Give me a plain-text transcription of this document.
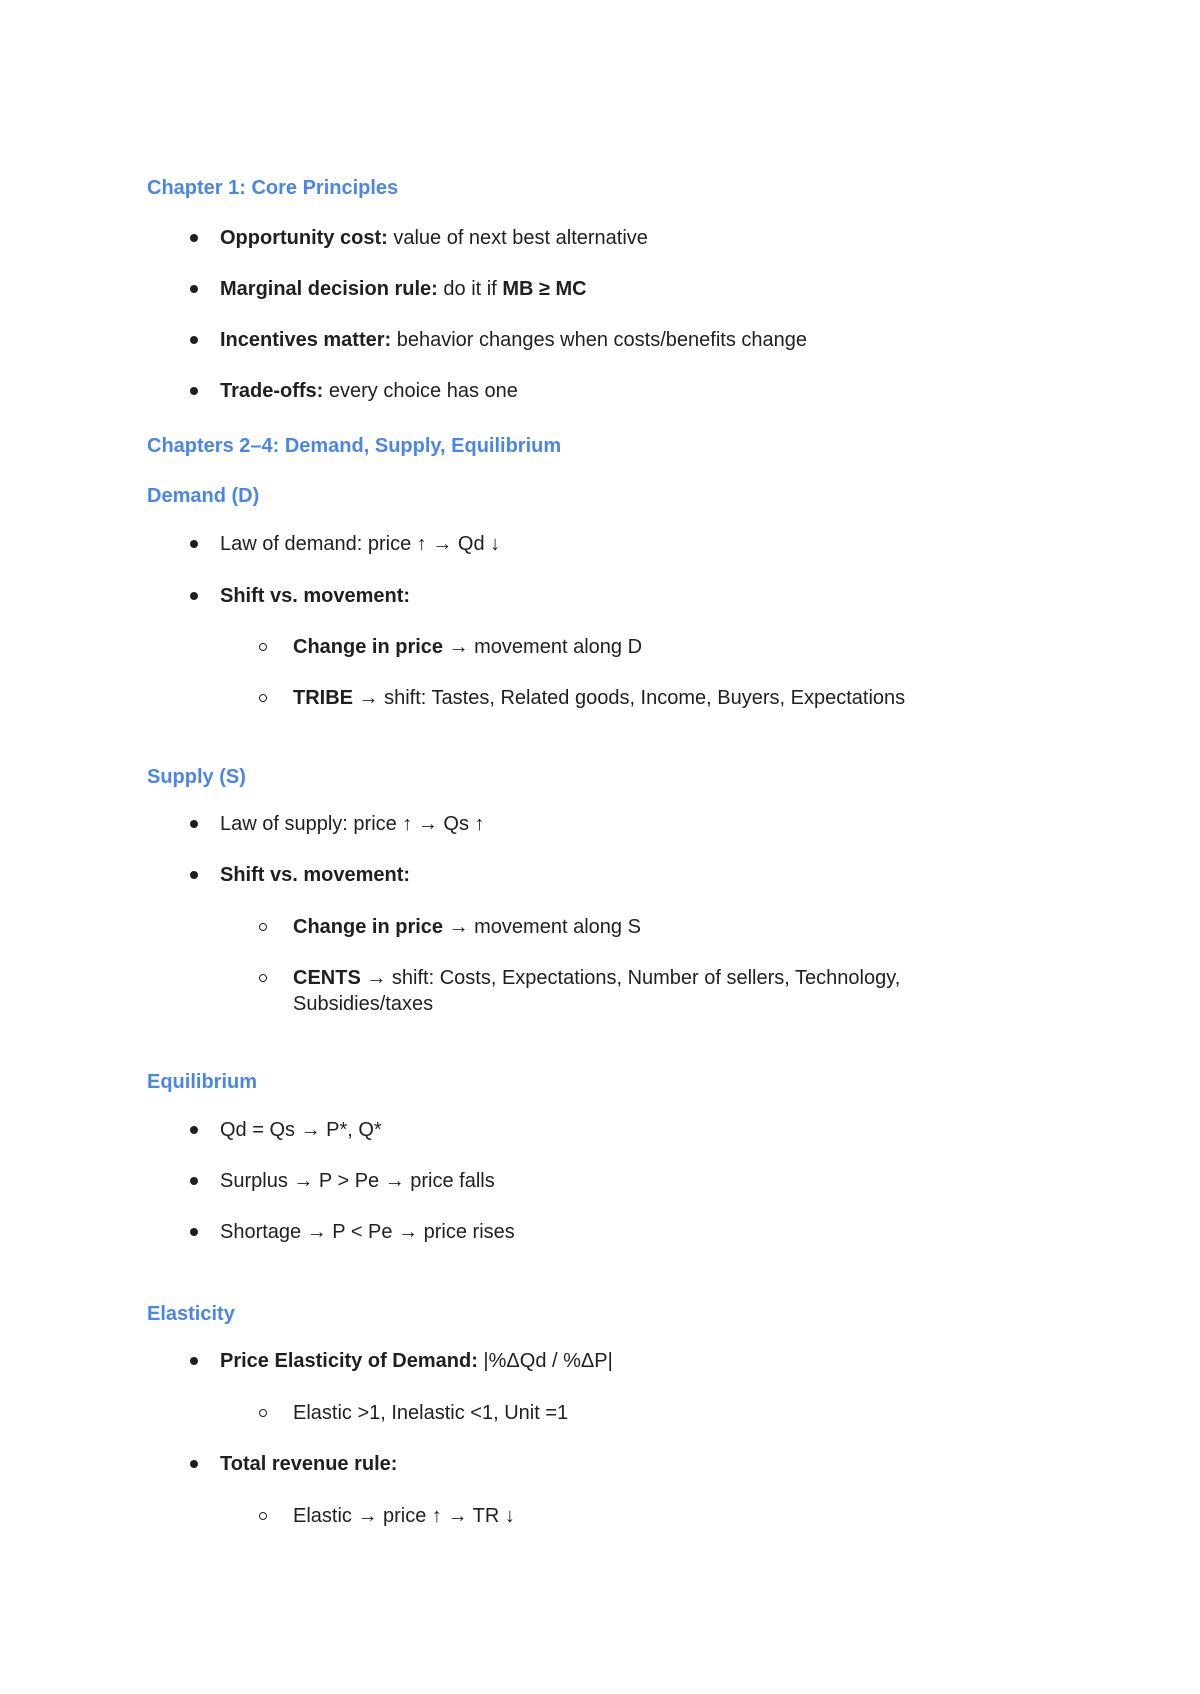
Chapter 1: Core Principles
Opportunity cost: value of next best alternative
Marginal decision rule: do it if MB ≥ MC
Incentives matter: behavior changes when costs/benefits change
Trade-offs: every choice has one
Chapters 2–4: Demand, Supply, Equilibrium
Demand (D)
Law of demand: price ↑ → Qd ↓
Shift vs. movement:
Change in price → movement along D
TRIBE → shift: Tastes, Related goods, Income, Buyers, Expectations
Supply (S)
Law of supply: price ↑ → Qs ↑
Shift vs. movement:
Change in price → movement along S
CENTS → shift: Costs, Expectations, Number of sellers, Technology, Subsidies/taxes
Equilibrium
Qd = Qs → P*, Q*
Surplus → P > Pe → price falls
Shortage → P < Pe → price rises
Elasticity
Price Elasticity of Demand: |%ΔQd / %ΔP|
Elastic >1, Inelastic <1, Unit =1
Total revenue rule:
Elastic → price ↑ → TR ↓
